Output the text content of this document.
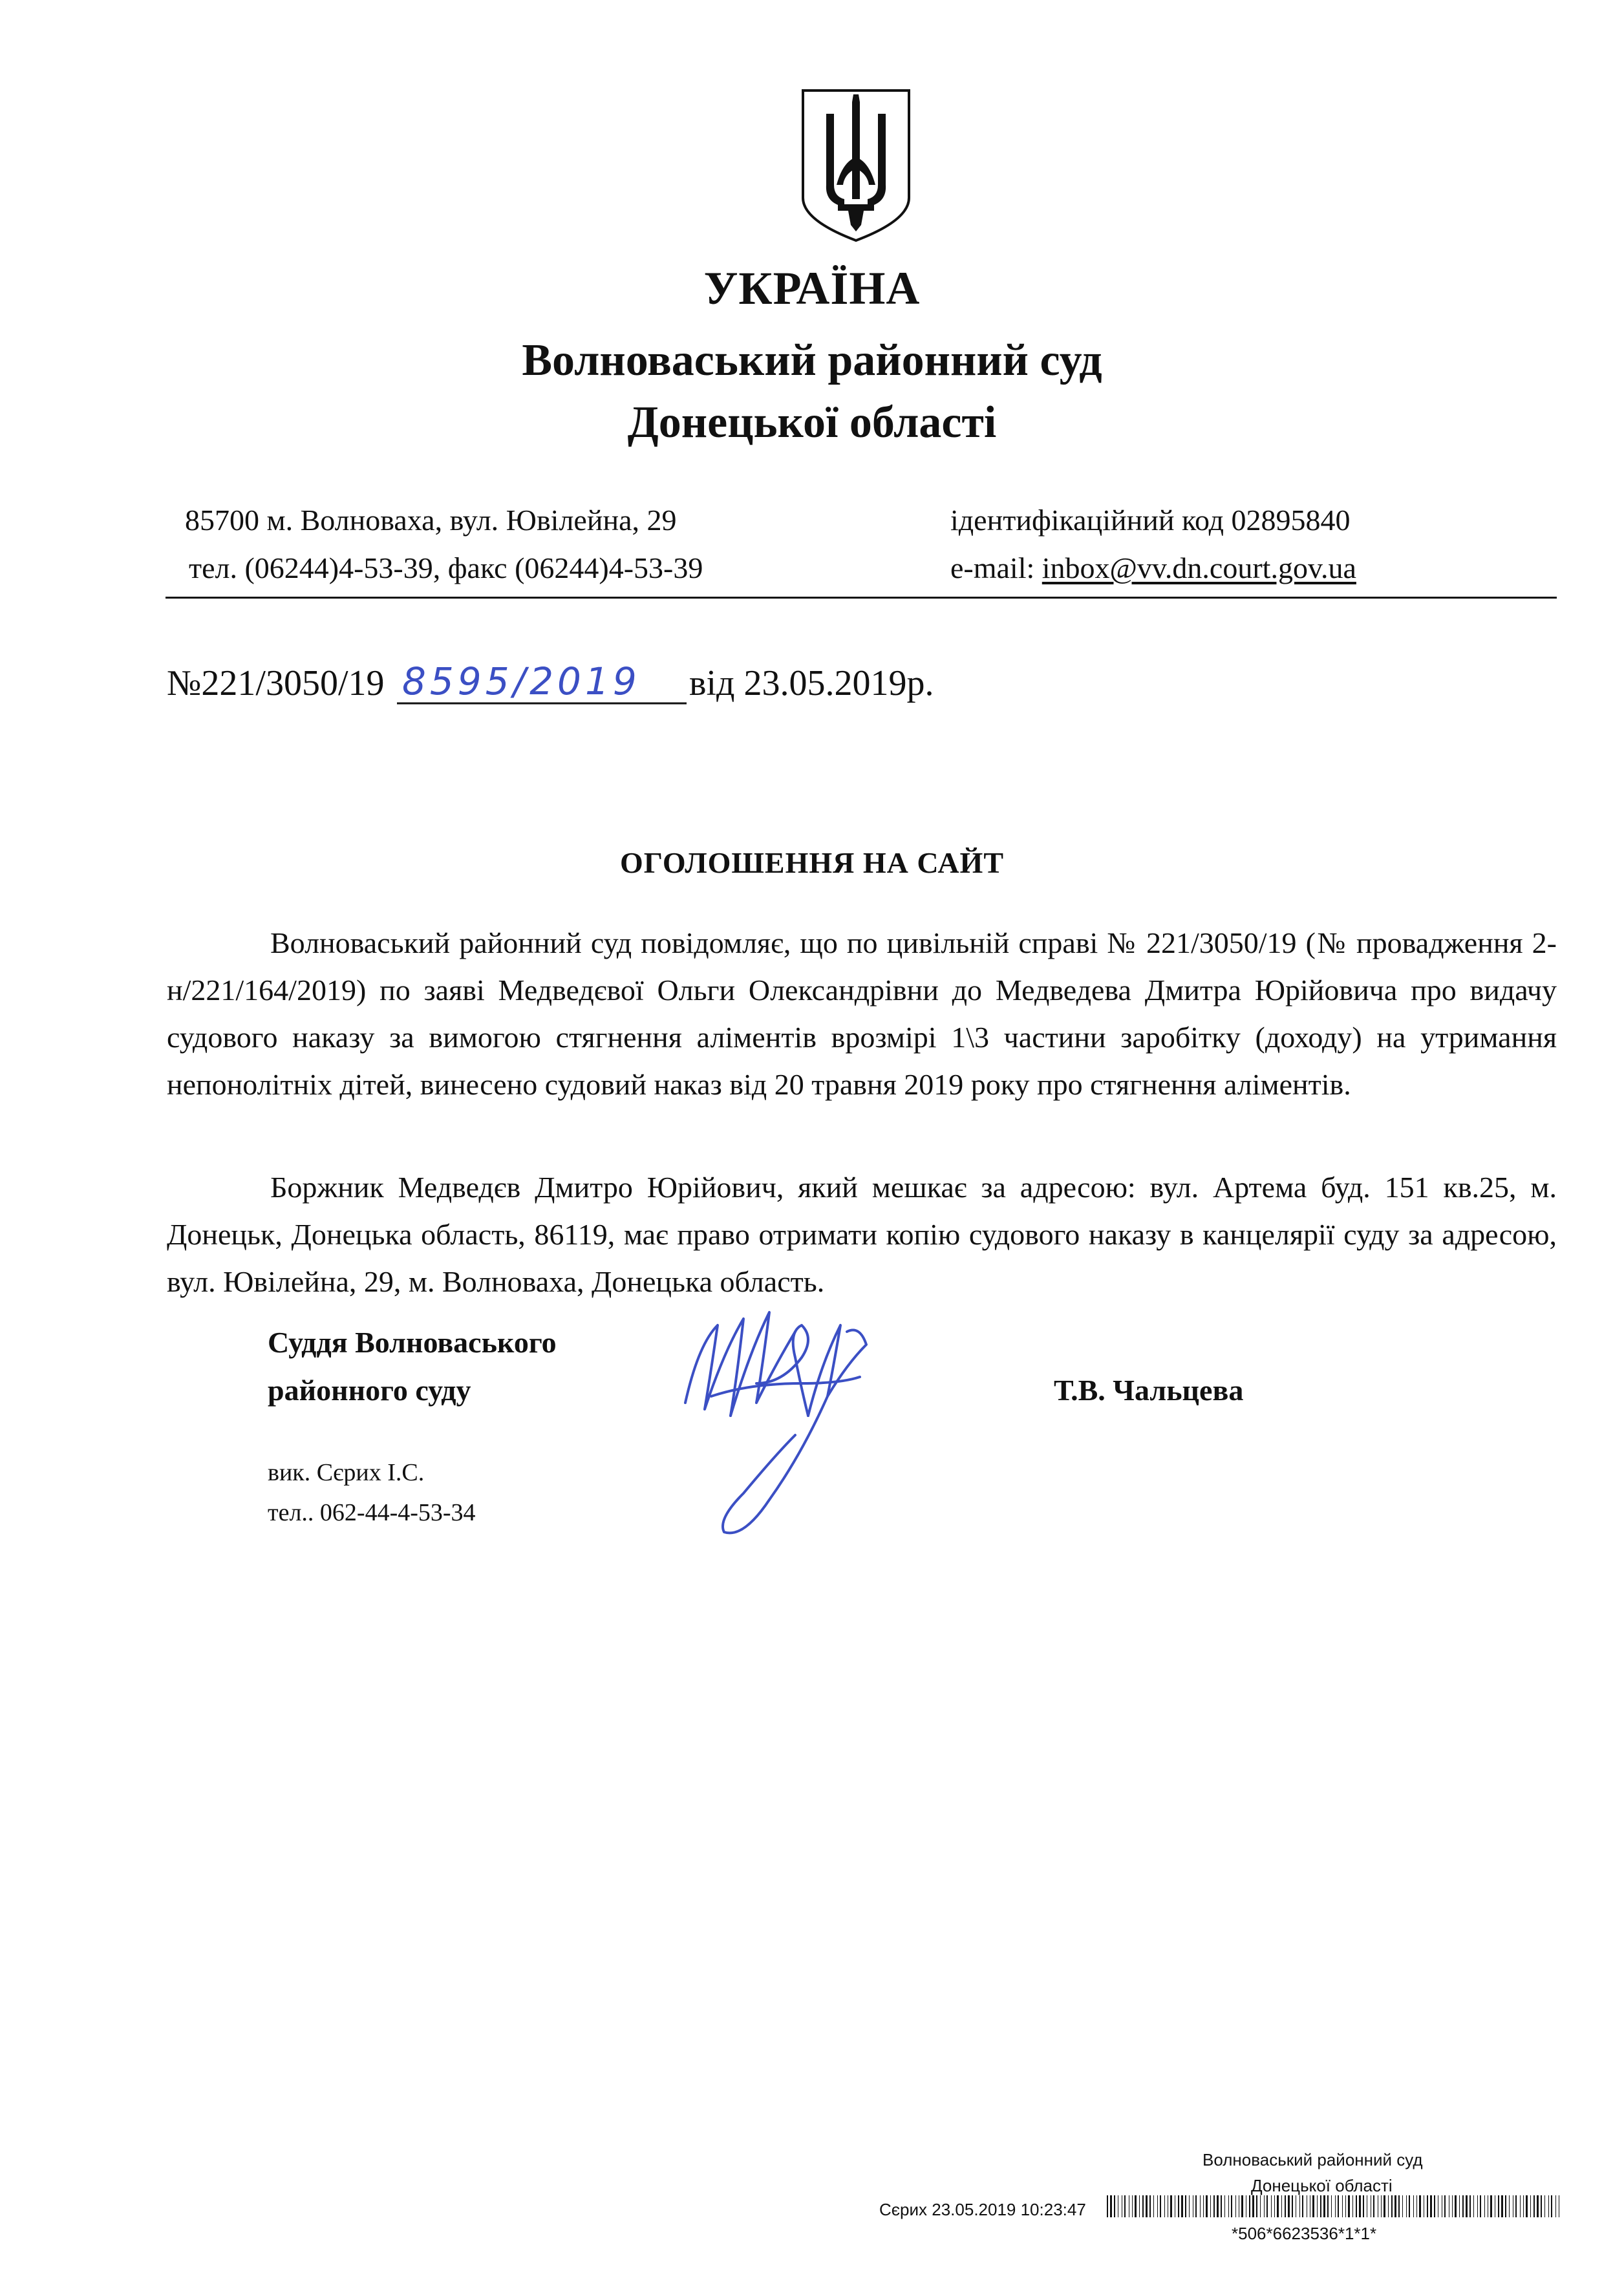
УКРАЇНА
Волноваський районний суд
Донецької області
85700 м. Волноваха, вул. Ювілейна, 29
тел. (06244)4-53-39, факс (06244)4-53-39
ідентифікаційний код 02895840
e-mail: inbox@vv.dn.court.gov.ua
№221/3050/19 8595/2019 від 23.05.2019р.
ОГОЛОШЕННЯ НА САЙТ
Волноваський районний суд повідомляє, що по цивільній справі № 221/3050/19 (№ провадження 2-н/221/164/2019) по заяві Медведєвої Ольги Олександрівни до Медведева Дмитра Юрійовича про видачу судового наказу за вимогою стягнення аліментів врозмірі 1\3 частини заробітку (доходу) на утримання непонолітніх дітей, винесено судовий наказ від 20 травня 2019 року про стягнення аліментів.
Боржник Медведєв Дмитро Юрійович, який мешкає за адресою: вул. Артема буд. 151 кв.25, м. Донецьк, Донецька область, 86119, має право отримати копію судового наказу в канцелярії суду за адресою, вул. Ювілейна, 29, м. Волноваха, Донецька область.
Суддя Волноваського
районного суду	Т.В. Чальцева
вик. Сєрих І.С.
тел.. 062-44-4-53-34
Волноваський районний суд
Донецької області
Сєрих 23.05.2019 10:23:47
*506*6623536*1*1*
